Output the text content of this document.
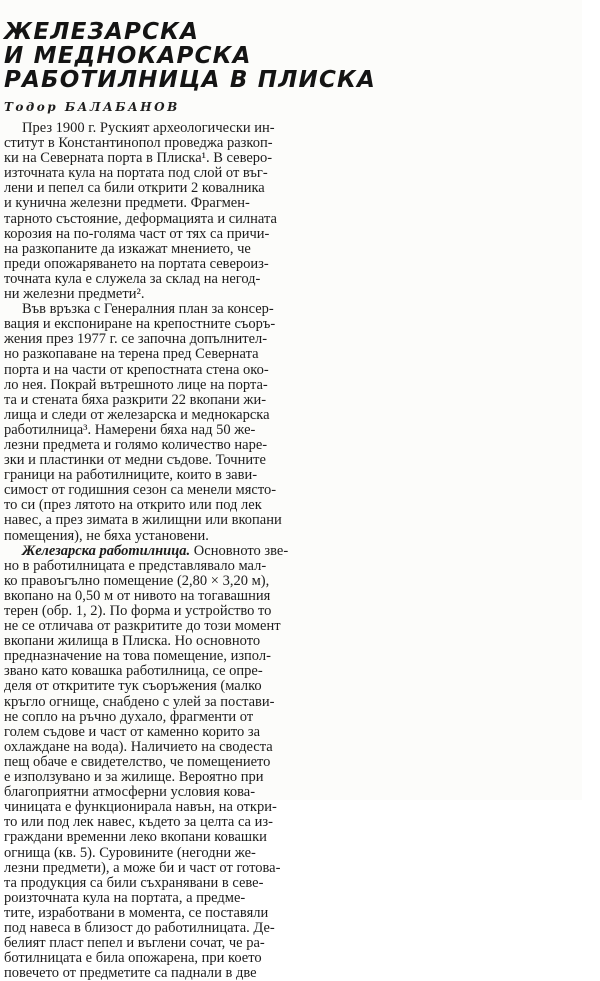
ЖЕЛЕЗАРСКА
И МЕДНОКАРСКА
РАБОТИЛНИЦА В ПЛИСКА

Тодор БАЛАБАНОВ

През 1900 г. Руският археологически ин-
ститут в Константинопол проведжа разкоп-
ки на Северната порта в Плиска¹. В северо-
източната кула на портата под слой от въг-
лени и пепел са били открити 2 ковалника
и кунична железни предмети. Фрагмен-
тарното състояние, деформацията и силната
корозия на по-голяма част от тях са причи-
на разкопаните да изкажат мнението, че
преди опожаряването на портата североиз-
точната кула е служела за склад на негод-
ни железни предмети².
Във връзка с Генералния план за консер-
вация и експониране на крепостните съоръ-
жения през 1977 г. се започна допълнител-
но разкопаване на терена пред Северната
порта и на части от крепостната стена око-
ло нея. Покрай вътрешното лице на порта-
та и стената бяха разкрити 22 вкопани жи-
лища и следи от железарска и меднокарска
работилница³. Намерени бяха над 50 же-
лезни предмета и голямо количество наре-
зки и пластинки от медни съдове. Точните
граници на работилниците, които в зави-
симост от годишния сезон са менели място-
то си (през лятото на открито или под лек
навес, а през зимата в жилищни или вкопани
помещения), не бяха установени.
Железарска работилница. Основното зве-
но в работилницата е представлявало мал-
ко правоъгълно помещение (2,80 × 3,20 м),
вкопано на 0,50 м от нивото на тогавашния
терен (обр. 1, 2). По форма и устройство то
не се отличава от разкритите до този момент
вкопани жилища в Плиска. Но основното
предназначение на това помещение, изпол-
звано като ковашка работилница, се опре-
деля от откритите тук съоръжения (малко
кръгло огнище, снабдено с улей за постави-
не сопло на ръчно духало, фрагменти от
голем съдове и част от каменно корито за
охлаждане на водa). Наличието на сводеста
пещ обаче е свидетелство, че помещението
е използувано и за жилище. Вероятно при
благоприятни атмосферни условия кова-
чиницата е функционирала навън, на откри-
то или под лек навес, където за целта са из-
граждани временни леко вкопани ковашки
огнища (кв. 5). Суровините (негодни же-
лезни предмети), а може би и част от готова-
та продукция са били съхранявани в севе-
роизточната кула на портата, а предме-
тите, изработвани в момента, се поставяли
под навеса в близост до работилницата. Де-
белият пласт пепел и въглени сочат, че ра-
ботилницата е била опожарена, при което
повечето от предметите са паднали в две
